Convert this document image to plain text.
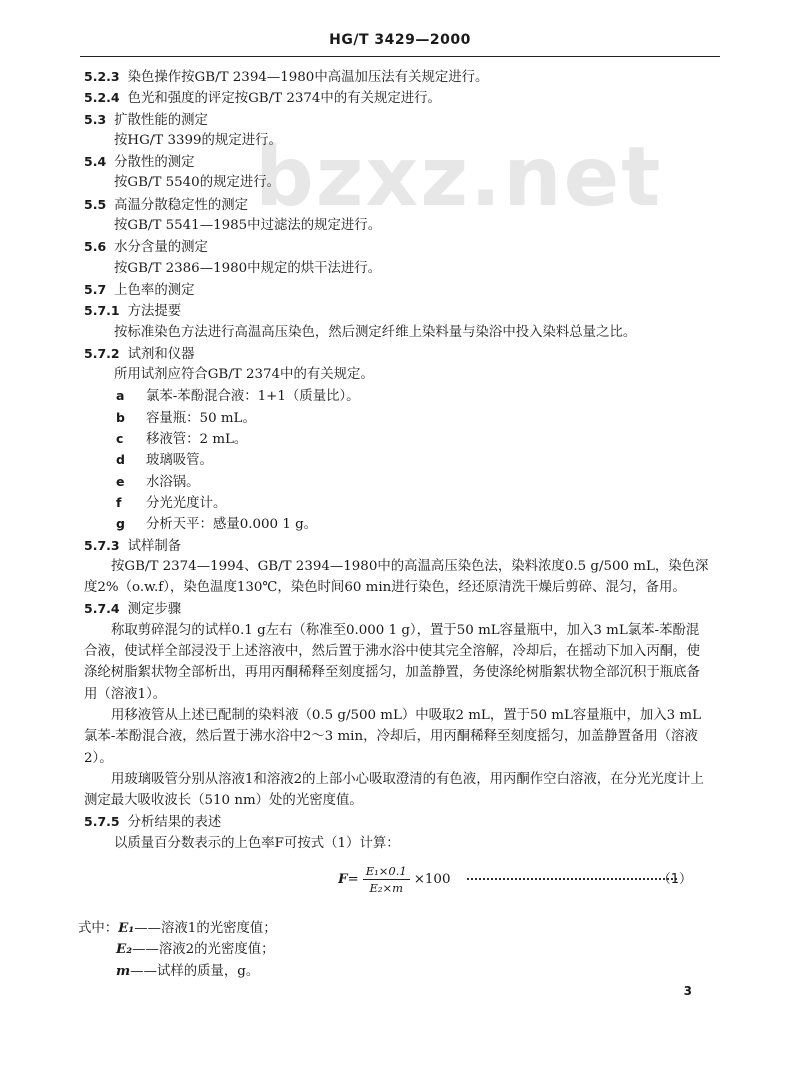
HG/T 3429—2000
bzxz.net
5.2.3 染色操作按GB/T 2394—1980中高温加压法有关规定进行。
5.2.4 色光和强度的评定按GB/T 2374中的有关规定进行。
5.3 扩散性能的测定
按HG/T 3399的规定进行。
5.4 分散性的测定
按GB/T 5540的规定进行。
5.5 高温分散稳定性的测定
按GB/T 5541—1985中过滤法的规定进行。
5.6 水分含量的测定
按GB/T 2386—1980中规定的烘干法进行。
5.7 上色率的测定
5.7.1 方法提要
按标准染色方法进行高温高压染色，然后测定纤维上染料量与染浴中投入染料总量之比。
5.7.2 试剂和仪器
所用试剂应符合GB/T 2374中的有关规定。
a 氯苯-苯酚混合液：1+1（质量比）。
b 容量瓶：50 mL。
c 移液管：2 mL。
d 玻璃吸管。
e 水浴锅。
f 分光光度计。
g 分析天平：感量0.000 1 g。
5.7.3 试样制备
按GB/T 2374—1994、GB/T 2394—1980中的高温高压染色法，染料浓度0.5 g/500 mL，染色深度2%（o.w.f），染色温度130℃，染色时间60 min进行染色，经还原清洗干燥后剪碎、混匀，备用。
5.7.4 测定步骤
称取剪碎混匀的试样0.1 g左右（称准至0.000 1 g），置于50 mL容量瓶中，加入3 mL氯苯-苯酚混合液，使试样全部浸没于上述溶液中，然后置于沸水浴中使其完全溶解，冷却后，在摇动下加入丙酮，使涤纶树脂絮状物全部析出，再用丙酮稀释至刻度摇匀，加盖静置，务使涤纶树脂絮状物全部沉积于瓶底备用（溶液1）。
用移液管从上述已配制的染料液（0.5 g/500 mL）中吸取2 mL，置于50 mL容量瓶中，加入3 mL氯苯-苯酚混合液，然后置于沸水浴中2～3 min，冷却后，用丙酮稀释至刻度摇匀，加盖静置备用（溶液2）。
用玻璃吸管分别从溶液1和溶液2的上部小心吸取澄清的有色液，用丙酮作空白溶液，在分光光度计上测定最大吸收波长（510 nm）处的光密度值。
5.7.5 分析结果的表述
以质量百分数表示的上色率F可按式（1）计算：
$F = \frac{\text{E₁×0.1}}{\text{E₂×m}} \times 100$	（1）
式中：E₁——溶液1的光密度值；
E₂——溶液2的光密度值；
m——试样的质量，g。
3
